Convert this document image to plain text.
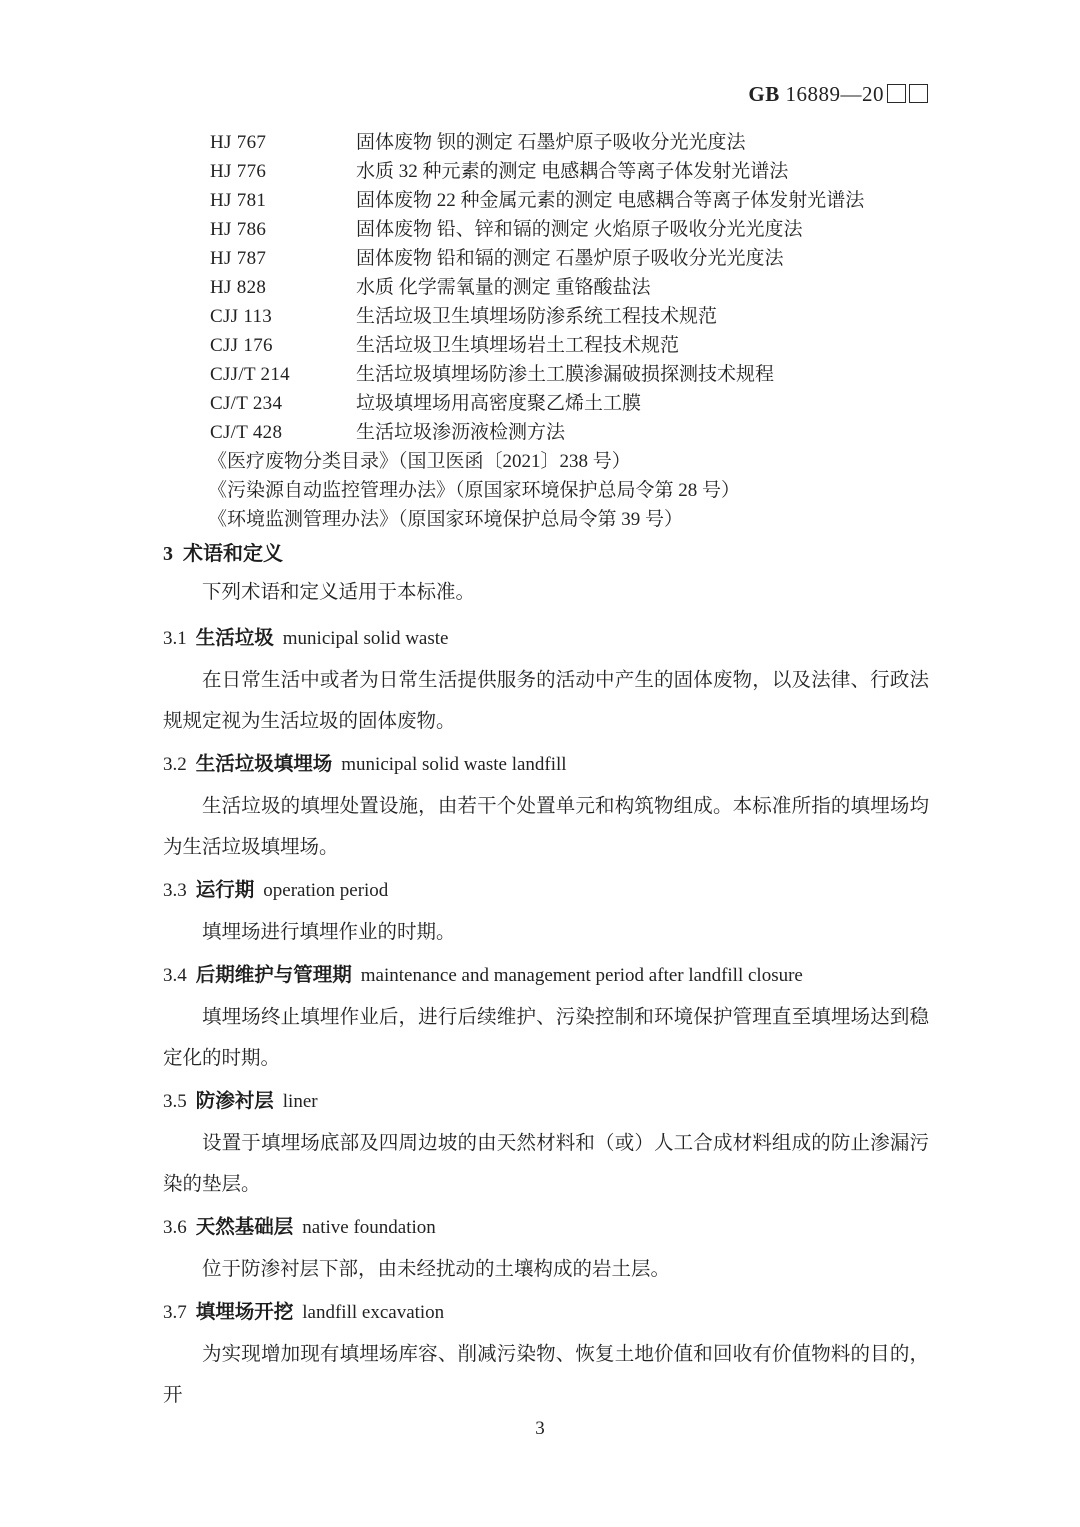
GB 16889—20
HJ 767	固体废物 钡的测定 石墨炉原子吸收分光光度法
HJ 776	水质 32 种元素的测定 电感耦合等离子体发射光谱法
HJ 781	固体废物 22 种金属元素的测定 电感耦合等离子体发射光谱法
HJ 786	固体废物 铅、锌和镉的测定 火焰原子吸收分光光度法
HJ 787	固体废物 铅和镉的测定 石墨炉原子吸收分光光度法
HJ 828	水质 化学需氧量的测定 重铬酸盐法
CJJ 113	生活垃圾卫生填埋场防渗系统工程技术规范
CJJ 176	生活垃圾卫生填埋场岩土工程技术规范
CJJ/T 214	生活垃圾填埋场防渗土工膜渗漏破损探测技术规程
CJ/T 234	垃圾填埋场用高密度聚乙烯土工膜
CJ/T 428	生活垃圾渗沥液检测方法
《医疗废物分类目录》（国卫医函〔2021〕238 号）
《污染源自动监控管理办法》（原国家环境保护总局令第 28 号）
《环境监测管理办法》（原国家环境保护总局令第 39 号）
3 术语和定义

下列术语和定义适用于本标准。

3.1 生活垃圾 municipal solid waste

在日常生活中或者为日常生活提供服务的活动中产生的固体废物，以及法律、行政法规规定视为生活垃圾的固体废物。

3.2 生活垃圾填埋场 municipal solid waste landfill

生活垃圾的填埋处置设施，由若干个处置单元和构筑物组成。本标准所指的填埋场均为生活垃圾填埋场。

3.3 运行期 operation period

填埋场进行填埋作业的时期。

3.4 后期维护与管理期 maintenance and management period after landfill closure

填埋场终止填埋作业后，进行后续维护、污染控制和环境保护管理直至填埋场达到稳定化的时期。

3.5 防渗衬层 liner

设置于填埋场底部及四周边坡的由天然材料和（或）人工合成材料组成的防止渗漏污染的垫层。

3.6 天然基础层 native foundation

位于防渗衬层下部，由未经扰动的土壤构成的岩土层。

3.7 填埋场开挖 landfill excavation

为实现增加现有填埋场库容、削减污染物、恢复土地价值和回收有价值物料的目的，开

3
